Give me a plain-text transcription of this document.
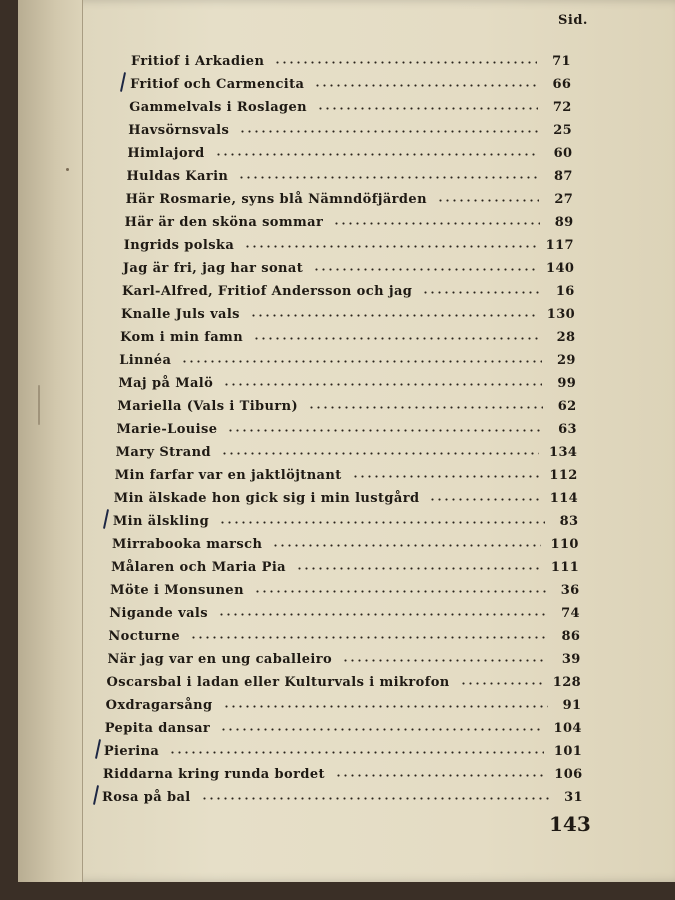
Sid.
Fritiof i Arkadien	71
Fritiof och Carmencita	66
Gammelvals i Roslagen	72
Havsörnsvals	25
Himlajord	60
Huldas Karin	87
Här Rosmarie, syns blå Nämndöfjärden	27
Här är den sköna sommar	89
Ingrids polska	117
Jag är fri, jag har sonat	140
Karl-Alfred, Fritiof Andersson och jag	16
Knalle Juls vals	130
Kom i min famn	28
Linnéa	29
Maj på Malö	99
Mariella (Vals i Tiburn)	62
Marie-Louise	63
Mary Strand	134
Min farfar var en jaktlöjtnant	112
Min älskade hon gick sig i min lustgård	114
Min älskling	83
Mirrabooka marsch	110
Målaren och Maria Pia	111
Möte i Monsunen	36
Nigande vals	74
Nocturne	86
När jag var en ung caballeiro	39
Oscarsbal i ladan eller Kulturvals i mikrofon	128
Oxdragarsång	91
Pepita dansar	104
Pierina	101
Riddarna kring runda bordet	106
Rosa på bal	31
143
